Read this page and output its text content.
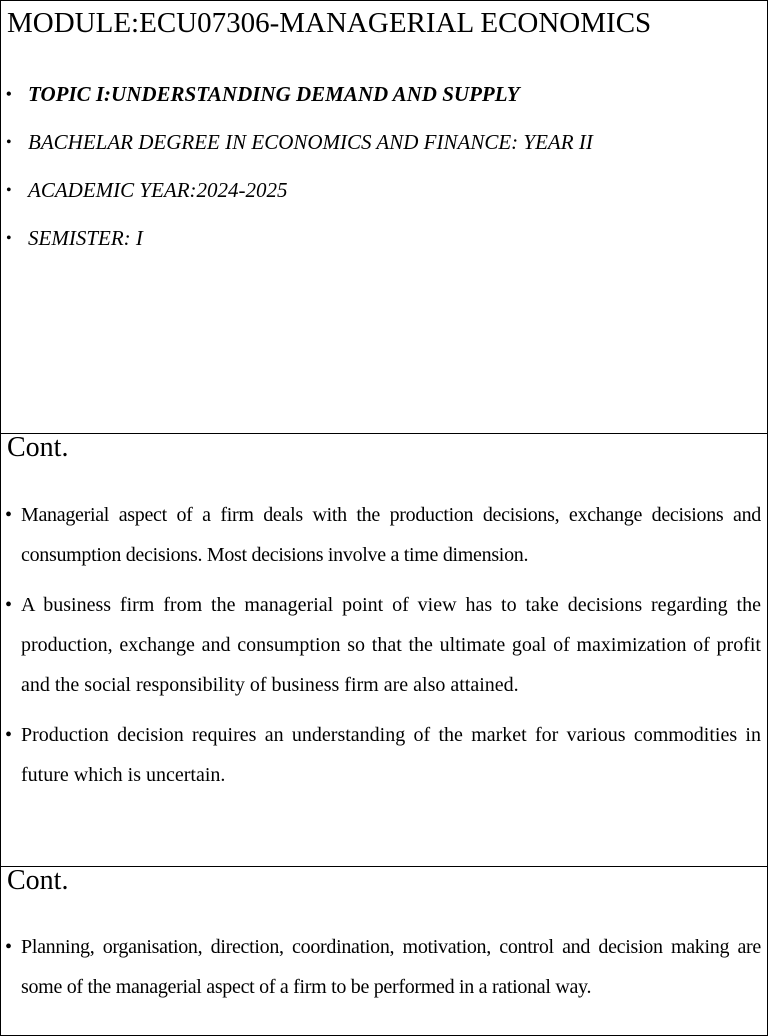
MODULE:ECU07306-MANAGERIAL ECONOMICS
• TOPIC I:UNDERSTANDING DEMAND AND SUPPLY
• BACHELAR DEGREE IN ECONOMICS AND FINANCE: YEAR II
• ACADEMIC YEAR:2024-2025
• SEMISTER: I
Cont.
• Managerial aspect of a firm deals with the production decisions, exchange decisions and consumption decisions. Most decisions involve a time dimension.
• A business firm from the managerial point of view has to take decisions regarding the production, exchange and consumption so that the ultimate goal of maximization of profit and the social responsibility of business firm are also attained.
• Production decision requires an understanding of the market for various commodities in future which is uncertain.
Cont.
• Planning, organisation, direction, coordination, motivation, control and decision making are some of the managerial aspect of a firm to be performed in a rational way.
